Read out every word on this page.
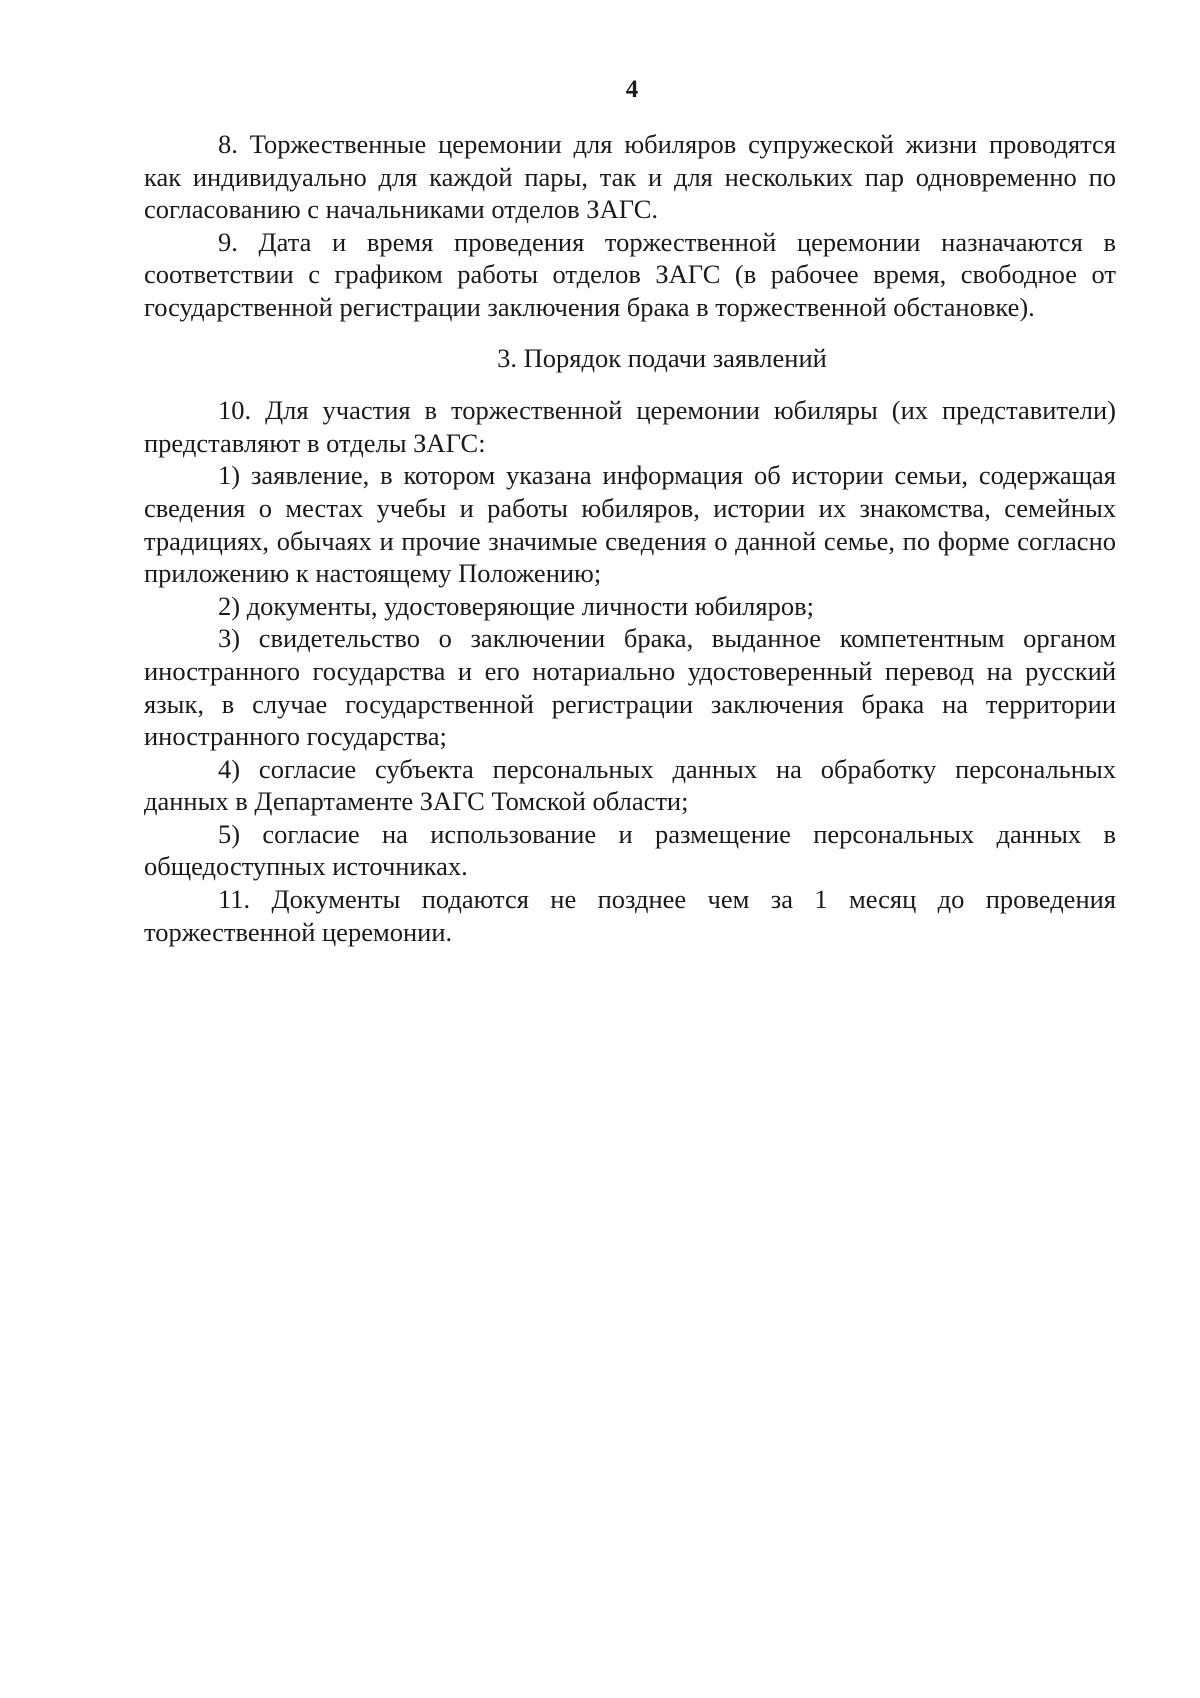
4

8. Торжественные церемонии для юбиляров супружеской жизни проводятся как индивидуально для каждой пары, так и для нескольких пар одновременно по согласованию с начальниками отделов ЗАГС.

9. Дата и время проведения торжественной церемонии назначаются в соответствии с графиком работы отделов ЗАГС (в рабочее время, свободное от государственной регистрации заключения брака в торжественной обстановке).

3. Порядок подачи заявлений

10. Для участия в торжественной церемонии юбиляры (их представители) представляют в отделы ЗАГС:

1) заявление, в котором указана информация об истории семьи, содержащая сведения о местах учебы и работы юбиляров, истории их знакомства, семейных традициях, обычаях и прочие значимые сведения о данной семье, по форме согласно приложению к настоящему Положению;

2) документы, удостоверяющие личности юбиляров;

3) свидетельство о заключении брака, выданное компетентным органом иностранного государства и его нотариально удостоверенный перевод на русский язык, в случае государственной регистрации заключения брака на территории иностранного государства;

4) согласие субъекта персональных данных на обработку персональных данных в Департаменте ЗАГС Томской области;

5) согласие на использование и размещение персональных данных в общедоступных источниках.

11. Документы подаются не позднее чем за 1 месяц до проведения торжественной церемонии.
